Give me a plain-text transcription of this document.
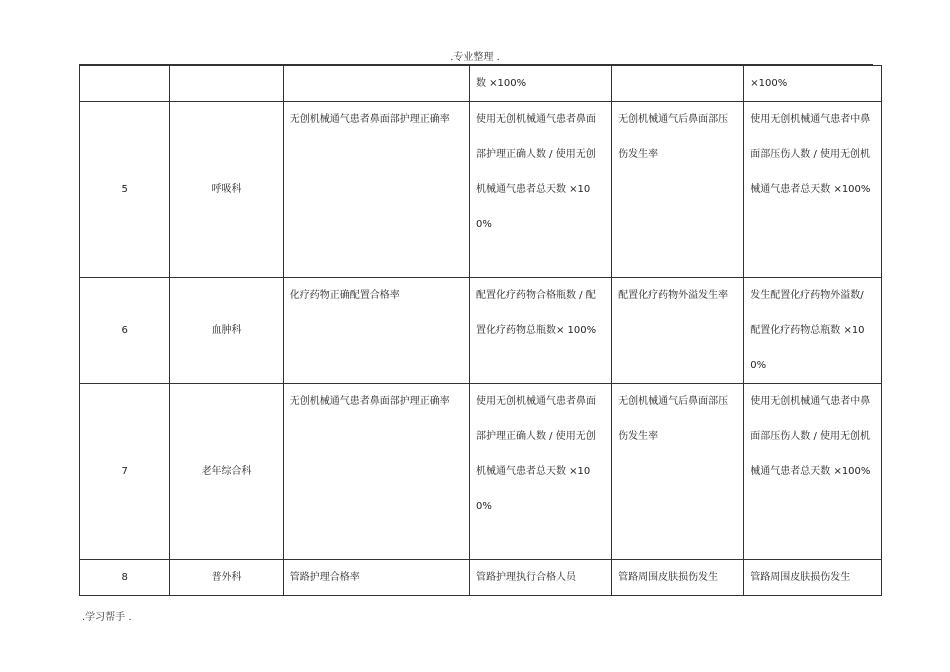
.专业整理 .
			数 ×100%		×100%
5	呼吸科	无创机械通气患者鼻面部护理正确率	使用无创机械通气患者鼻面部护理正确人数 / 使用无创机械通气患者总天数 ×100%	无创机械通气后鼻面部压伤发生率	使用无创机械通气患者中鼻面部压伤人数 / 使用无创机械通气患者总天数 ×100%
6	血肿科	化疗药物正确配置合格率	配置化疗药物合格瓶数 / 配置化疗药物总瓶数× 100%	配置化疗药物外溢发生率	发生配置化疗药物外溢数/ 配置化疗药物总瓶数 ×100%
7	老年综合科	无创机械通气患者鼻面部护理正确率	使用无创机械通气患者鼻面部护理正确人数 / 使用无创机械通气患者总天数 ×100%	无创机械通气后鼻面部压伤发生率	使用无创机械通气患者中鼻面部压伤人数 / 使用无创机械通气患者总天数 ×100%
8	普外科	管路护理合格率	管路护理执行合格人员	管路周围皮肤损伤发生	管路周围皮肤损伤发生
.学习帮手 .
